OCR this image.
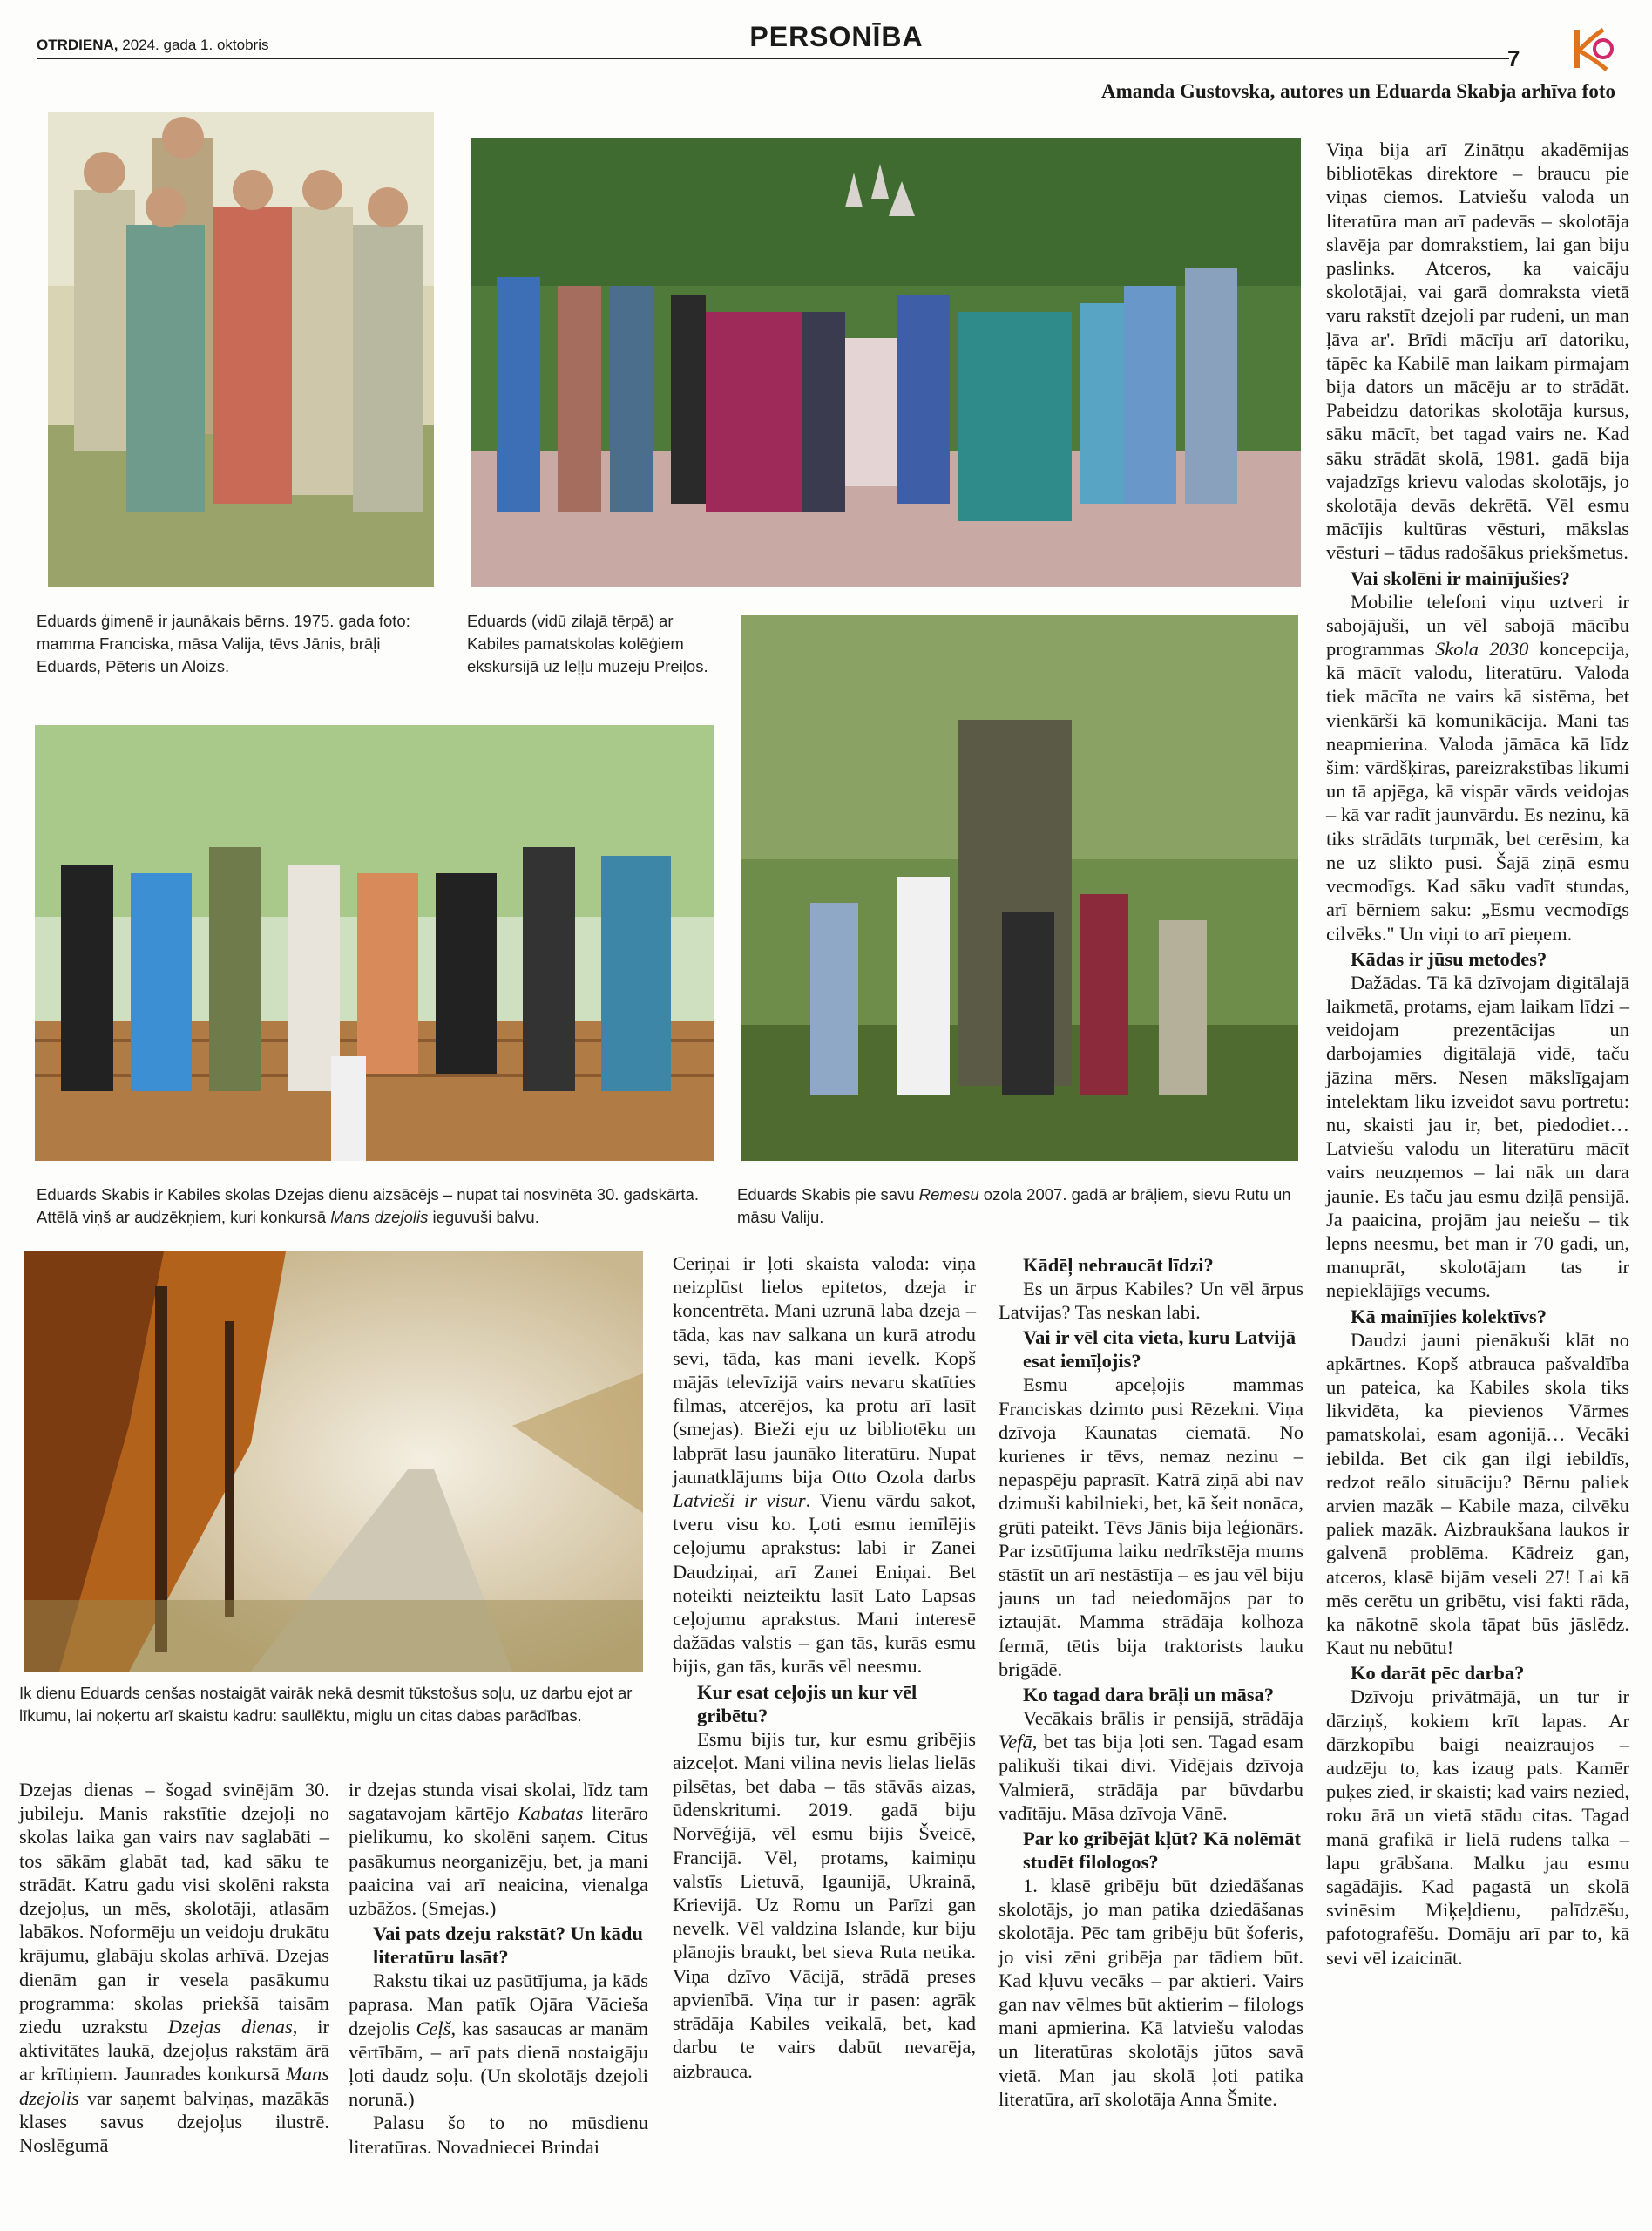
OTRDIENA, 2024. gada 1. oktobris	PERSONĪBA
7
Amanda Gustovska, autores un Eduarda Skabja arhīva foto
Eduards ģimenē ir jaunākais bērns. 1975. gada foto: mamma Franciska, māsa Valija, tēvs Jānis, brāļi Eduards, Pēteris un Aloizs.
Eduards (vidū zilajā tērpā) ar Kabiles pamatskolas kolēģiem ekskursijā uz leļļu muzeju Preiļos.
Eduards Skabis ir Kabiles skolas Dzejas dienu aizsācējs – nupat tai nosvinēta 30. gadskārta. Attēlā viņš ar audzēkņiem, kuri konkursā Mans dzejolis ieguvuši balvu.
Eduards Skabis pie savu Remesu ozola 2007. gadā ar brāļiem, sievu Rutu un māsu Valiju.
Ik dienu Eduards cenšas nostaigāt vairāk nekā desmit tūkstošus soļu, uz darbu ejot ar līkumu, lai noķertu arī skaistu kadru: saullēktu, miglu un citas dabas parādības.

Dzejas dienas – šogad svinējām 30. jubileju. Manis rakstītie dzejoļi no skolas laika gan vairs nav saglabāti – tos sākām glabāt tad, kad sāku te strādāt. Katru gadu visi skolēni raksta dzejoļus, un mēs, skolotāji, atlasām labākos. Noformēju un veidoju drukātu krājumu, glabāju skolas arhīvā. Dzejas dienām gan ir vesela pasākumu programma: skolas priekšā taisām ziedu uzrakstu Dzejas dienas, ir aktivitātes laukā, dzejoļus rakstām ārā ar krītiņiem. Jaunrades konkursā Mans dzejolis var saņemt balviņas, mazākās klases savus dzejoļus ilustrē. Noslēgumā

ir dzejas stunda visai skolai, līdz tam sagatavojam kārtējo Kabatas literāro pielikumu, ko skolēni saņem. Citus pasākumus neorganizēju, bet, ja mani paaicina vai arī neaicina, vienalga uzbāžos. (Smejas.)

Vai pats dzeju rakstāt? Un kādu literatūru lasāt?

Rakstu tikai uz pasūtījuma, ja kāds paprasa. Man patīk Ojāra Vācieša dzejolis Ceļš, kas sasaucas ar manām vērtībām, – arī pats dienā nostaigāju ļoti daudz soļu. (Un skolotājs dzejoli norunā.)

Palasu šo to no mūsdienu literatūras. Novadniecei Brindai

Ceriņai ir ļoti skaista valoda: viņa neizplūst lielos epitetos, dzeja ir koncentrēta. Mani uzrunā laba dzeja – tāda, kas nav salkana un kurā atrodu sevi, tāda, kas mani ievelk. Kopš mājās televīzijā vairs nevaru skatīties filmas, atcerējos, ka protu arī lasīt (smejas). Bieži eju uz bibliotēku un labprāt lasu jaunāko literatūru. Nupat jaunatklājums bija Otto Ozola darbs Latvieši ir visur. Vienu vārdu sakot, tveru visu ko. Ļoti esmu iemīlējis ceļojumu aprakstus: labi ir Zanei Daudziņai, arī Zanei Eniņai. Bet noteikti neizteiktu lasīt Lato Lapsas ceļojumu aprakstus. Mani interesē dažādas valstis – gan tās, kurās esmu bijis, gan tās, kurās vēl neesmu.

Kur esat ceļojis un kur vēl gribētu?

Esmu bijis tur, kur esmu gribējis aizceļot. Mani vilina nevis lielas lielās pilsētas, bet daba – tās stāvās aizas, ūdenskritumi. 2019. gadā biju Norvēģijā, vēl esmu bijis Šveicē, Francijā. Vēl, protams, kaimiņu valstīs Lietuvā, Igaunijā, Ukrainā, Krievijā. Uz Romu un Parīzi gan nevelk. Vēl valdzina Islande, kur biju plānojis braukt, bet sieva Ruta netika. Viņa dzīvo Vācijā, strādā preses apvienībā. Viņa tur ir pasen: agrāk strādāja Kabiles veikalā, bet, kad darbu te vairs dabūt nevarēja, aizbrauca.

Kādēļ nebraucāt līdzi?

Es un ārpus Kabiles? Un vēl ārpus Latvijas? Tas neskan labi.

Vai ir vēl cita vieta, kuru Latvijā esat iemīļojis?

Esmu apceļojis mammas Franciskas dzimto pusi Rēzekni. Viņa dzīvoja Kaunatas ciematā. No kurienes ir tēvs, nemaz nezinu – nepaspēju paprasīt. Katrā ziņā abi nav dzimuši kabilnieki, bet, kā šeit nonāca, grūti pateikt. Tēvs Jānis bija leģionārs. Par izsūtījuma laiku nedrīkstēja mums stāstīt un arī nestāstīja – es jau vēl biju jauns un tad neiedomājos par to iztaujāt. Mamma strādāja kolhoza fermā, tētis bija traktorists lauku brigādē.

Ko tagad dara brāļi un māsa?

Vecākais brālis ir pensijā, strādāja Vefā, bet tas bija ļoti sen. Tagad esam palikuši tikai divi. Vidējais dzīvoja Valmierā, strādāja par būvdarbu vadītāju. Māsa dzīvoja Vānē.

Par ko gribējāt kļūt? Kā nolēmāt studēt filologos?

1. klasē gribēju būt dziedāšanas skolotājs, jo man patika dziedāšanas skolotāja. Pēc tam gribēju būt šoferis, jo visi zēni gribēja par tādiem būt. Kad kļuvu vecāks – par aktieri. Vairs gan nav vēlmes būt aktierim – filologs mani apmierina. Kā latviešu valodas un literatūras skolotājs jūtos savā vietā. Man jau skolā ļoti patika literatūra, arī skolotāja Anna Šmite.

Viņa bija arī Zinātņu akadēmijas bibliotēkas direktore – braucu pie viņas ciemos. Latviešu valoda un literatūra man arī padevās – skolotāja slavēja par domrakstiem, lai gan biju paslinks. Atceros, ka vaicāju skolotājai, vai garā domraksta vietā varu rakstīt dzejoli par rudeni, un man ļāva ar'. Brīdi mācīju arī datoriku, tāpēc ka Kabilē man laikam pirmajam bija dators un mācēju ar to strādāt. Pabeidzu datorikas skolotāja kursus, sāku mācīt, bet tagad vairs ne. Kad sāku strādāt skolā, 1981. gadā bija vajadzīgs krievu valodas skolotājs, jo skolotāja devās dekrētā. Vēl esmu mācījis kultūras vēsturi, mākslas vēsturi – tādus radošākus priekšmetus.

Vai skolēni ir mainījušies?

Mobilie telefoni viņu uztveri ir sabojājuši, un vēl sabojā mācību programmas Skola 2030 koncepcija, kā mācīt valodu, literatūru. Valoda tiek mācīta ne vairs kā sistēma, bet vienkārši kā komunikācija. Mani tas neapmierina. Valoda jāmāca kā līdz šim: vārdšķiras, pareizrakstības likumi un tā apjēga, kā vispār vārds veidojas – kā var radīt jaunvārdu. Es nezinu, kā tiks strādāts turpmāk, bet cerēsim, ka ne uz slikto pusi. Šajā ziņā esmu vecmodīgs. Kad sāku vadīt stundas, arī bērniem saku: „Esmu vecmodīgs cilvēks." Un viņi to arī pieņem.

Kādas ir jūsu metodes?

Dažādas. Tā kā dzīvojam digitālajā laikmetā, protams, ejam laikam līdzi – veidojam prezentācijas un darbojamies digitālajā vidē, taču jāzina mērs. Nesen mākslīgajam intelektam liku izveidot savu portretu: nu, skaisti jau ir, bet, piedodiet… Latviešu valodu un literatūru mācīt vairs neuzņemos – lai nāk un dara jaunie. Es taču jau esmu dziļā pensijā. Ja paaicina, projām jau neiešu – tik lepns neesmu, bet man ir 70 gadi, un, manuprāt, skolotājam tas ir nepieklājīgs vecums.

Kā mainījies kolektīvs?

Daudzi jauni pienākuši klāt no apkārtnes. Kopš atbrauca pašvaldība un pateica, ka Kabiles skola tiks likvidēta, ka pievienos Vārmes pamatskolai, esam agonijā… Vecāki iebilda. Bet cik gan ilgi iebildīs, redzot reālo situāciju? Bērnu paliek arvien mazāk – Kabile maza, cilvēku paliek mazāk. Aizbraukšana laukos ir galvenā problēma. Kādreiz gan, atceros, klasē bijām veseli 27! Lai kā mēs cerētu un gribētu, visi fakti rāda, ka nākotnē skola tāpat būs jāslēdz. Kaut nu nebūtu!

Ko darāt pēc darba?

Dzīvoju privātmājā, un tur ir dārziņš, kokiem krīt lapas. Ar dārzkopību baigi neaizraujos – audzēju to, kas izaug pats. Kamēr puķes zied, ir skaisti; kad vairs nezied, roku ārā un vietā stādu citas. Tagad manā grafikā ir lielā rudens talka – lapu grābšana. Malku jau esmu sagādājis. Kad pagastā un skolā svinēsim Miķeļdienu, palīdzēšu, pafotografēšu. Domāju arī par to, kā sevi vēl izaicināt.
